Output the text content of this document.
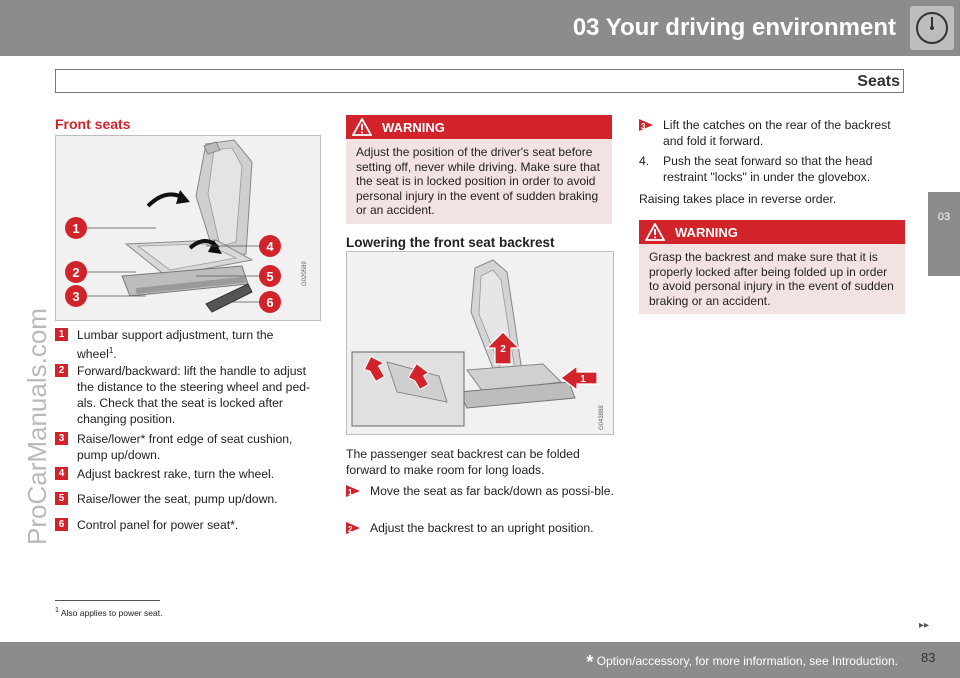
03 Your driving environment
Seats
03
ProCarManuals.com
Front seats
1
2
3
4
5
6
G020589
1	Lumbar support adjustment, turn the
wheel$^1$.
2	Forward/backward: lift the handle to adjust the distance to the steering wheel and ped-als. Check that the seat is locked after changing position.
3	Raise/lower* front edge of seat cushion, pump up/down.
4	Adjust backrest rake, turn the wheel.
5	Raise/lower the seat, pump up/down.
6	Control panel for power seat*.
WARNING
Adjust the position of the driver's seat before setting off, never while driving. Make sure that the seat is in locked position in order to avoid personal injury in the event of sudden braking or an accident.
Lowering the front seat backrest
2
1
G043888
The passenger seat backrest can be folded forward to make room for long loads.
1 Move the seat as far back/down as possi-ble.
2 Adjust the backrest to an upright position.
3 Lift the catches on the rear of the backrest and fold it forward.
4. Push the seat forward so that the head restraint "locks" in under the glovebox.
Raising takes place in reverse order.
WARNING
Grasp the backrest and make sure that it is properly locked after being folded up in order to avoid personal injury in the event of sudden braking or an accident.
$^1$ Also applies to power seat.
▸▸
* Option/accessory, for more information, see Introduction. 83
